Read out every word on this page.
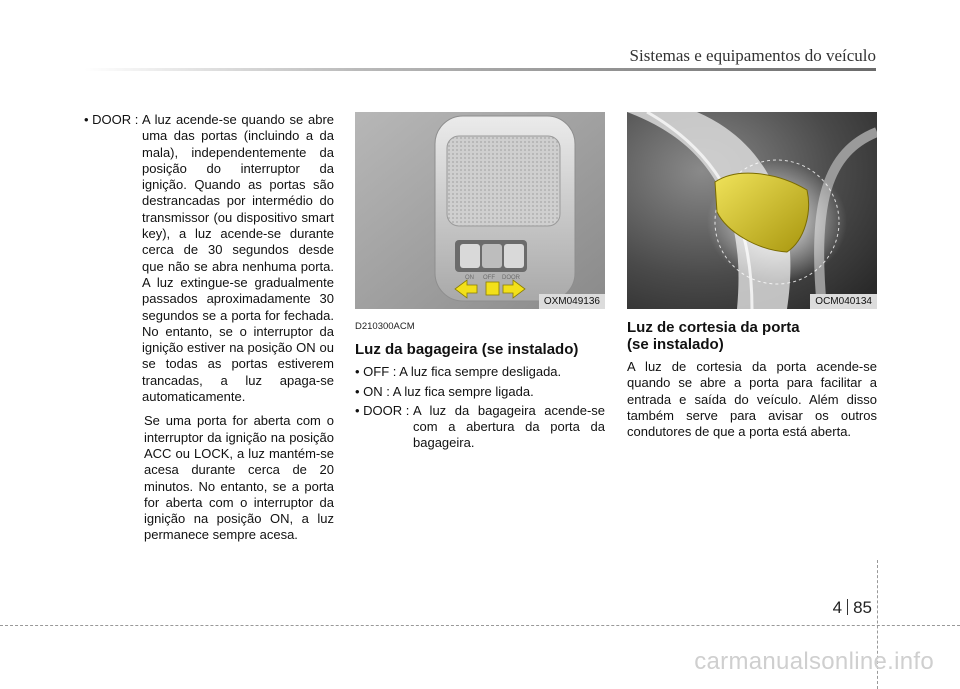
Sistemas e equipamentos do veículo
• DOOR : A luz acende-se quando se abre uma das portas (incluindo a da mala), independentemente da posição do interruptor da ignição. Quando as portas são destrancadas por intermédio do transmissor (ou dispositivo smart key), a luz acende-se durante cerca de 30 segundos desde que não se abra nenhuma porta. A luz extingue-se gradualmente passados aproximadamente 30 segundos se a porta for fechada. No entanto, se o interruptor da ignição estiver na posição ON ou se todas as portas estiverem trancadas, a luz apaga-se automaticamente.
Se uma porta for aberta com o interruptor da ignição na posição ACC ou LOCK, a luz mantém-se acesa durante cerca de 20 minutos. No entanto, se a porta for aberta com o interruptor da ignição na posição ON, a luz permanece sempre acesa.
ON OFF DOOR
OXM049136
D210300ACM
Luz da bagageira (se instalado)
• OFF : A luz fica sempre desligada.
• ON : A luz fica sempre ligada.
• DOOR : A luz da bagageira acende-se com a abertura da porta da bagageira.
OCM040134
Luz de cortesia da porta
(se instalado)
A luz de cortesia da porta acende-se quando se abre a porta para facilitar a entrada e saída do veículo. Além disso também serve para avisar os outros condutores de que a porta está aberta.
4 85
carmanualsonline.info
